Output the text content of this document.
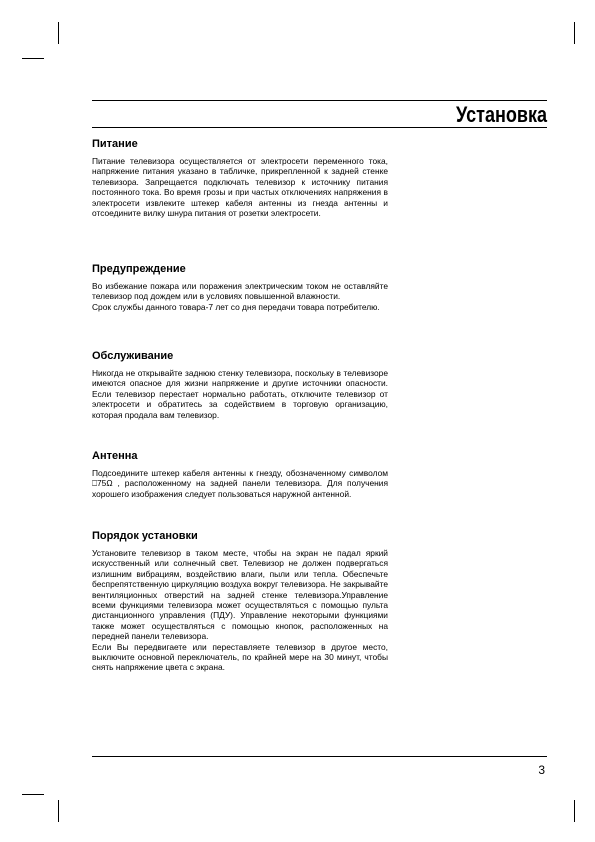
Установка
Питание

Питание телевизора осуществляется от электросети переменного тока, напряжение питания указано в табличке, прикрепленной к задней стенке телевизора. Запрещается подключать телевизор к источнику питания постоянного тока. Во время грозы и при частых отключениях напряжения в электросети извлеките штекер кабеля антенны из гнезда антенны и отсоедините вилку шнура питания от розетки электросети.

Предупреждение

Во избежание пожара или поражения электрическим током не оставляйте телевизор под дождем или в условиях повышенной влажности.

Срок службы данного товара-7 лет со дня передачи товара потребителю.

Обслуживание

Никогда не открывайте заднюю стенку телевизора, поскольку в телевизоре имеются опасное для жизни напряжение и другие источники опасности. Если телевизор перестает нормально работать, отключите телевизор от электросети и обратитесь за содействием в торговую организацию, которая продала вам телевизор.

Антенна

Подсоедините штекер кабеля антенны к гнезду, обозначенному символом ⎕75Ω , расположенному на задней панели телевизора. Для получения хорошего изображения следует пользоваться наружной антенной.

Порядок установки

Установите телевизор в таком месте, чтобы на экран не падал яркий искусственный или солнечный свет. Телевизор не должен подвергаться излишним вибрациям, воздействию влаги, пыли или тепла. Обеспечьте беспрепятственную циркуляцию воздуха вокруг телевизора. Не закрывайте вентиляционных отверстий на задней стенке телевизора.Управление всеми функциями телевизора может осуществляться с помощью пульта дистанционного управления (ПДУ). Управление некоторыми функциями также может осуществляться с помощью кнопок, расположенных на передней панели телевизора.

Если Вы передвигаете или переставляете телевизор в другое место, выключите основной переключатель, по крайней мере на 30 минут, чтобы снять напряжение цвета с экрана.

3
